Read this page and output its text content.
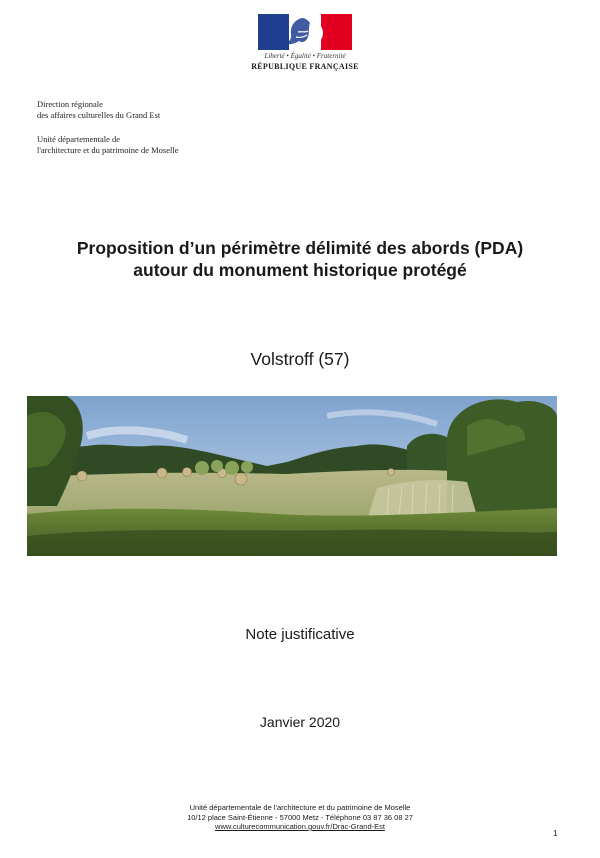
Liberté • Égalité • Fraternité
RÉPUBLIQUE FRANÇAISE
Direction régionale
des affaires culturelles du Grand Est
Unité départementale de
l'architecture et du patrimoine de Moselle
Proposition d’un périmètre délimité des abords (PDA)
autour du monument historique protégé
Volstroff (57)
Note justificative
Janvier 2020
Unité départementale de l'architecture et du patrimoine de Moselle
10/12 place Saint-Étienne - 57000 Metz - Téléphone 03 87 36 08 27
www.culturecommunication.gouv.fr/Drac-Grand-Est
1
